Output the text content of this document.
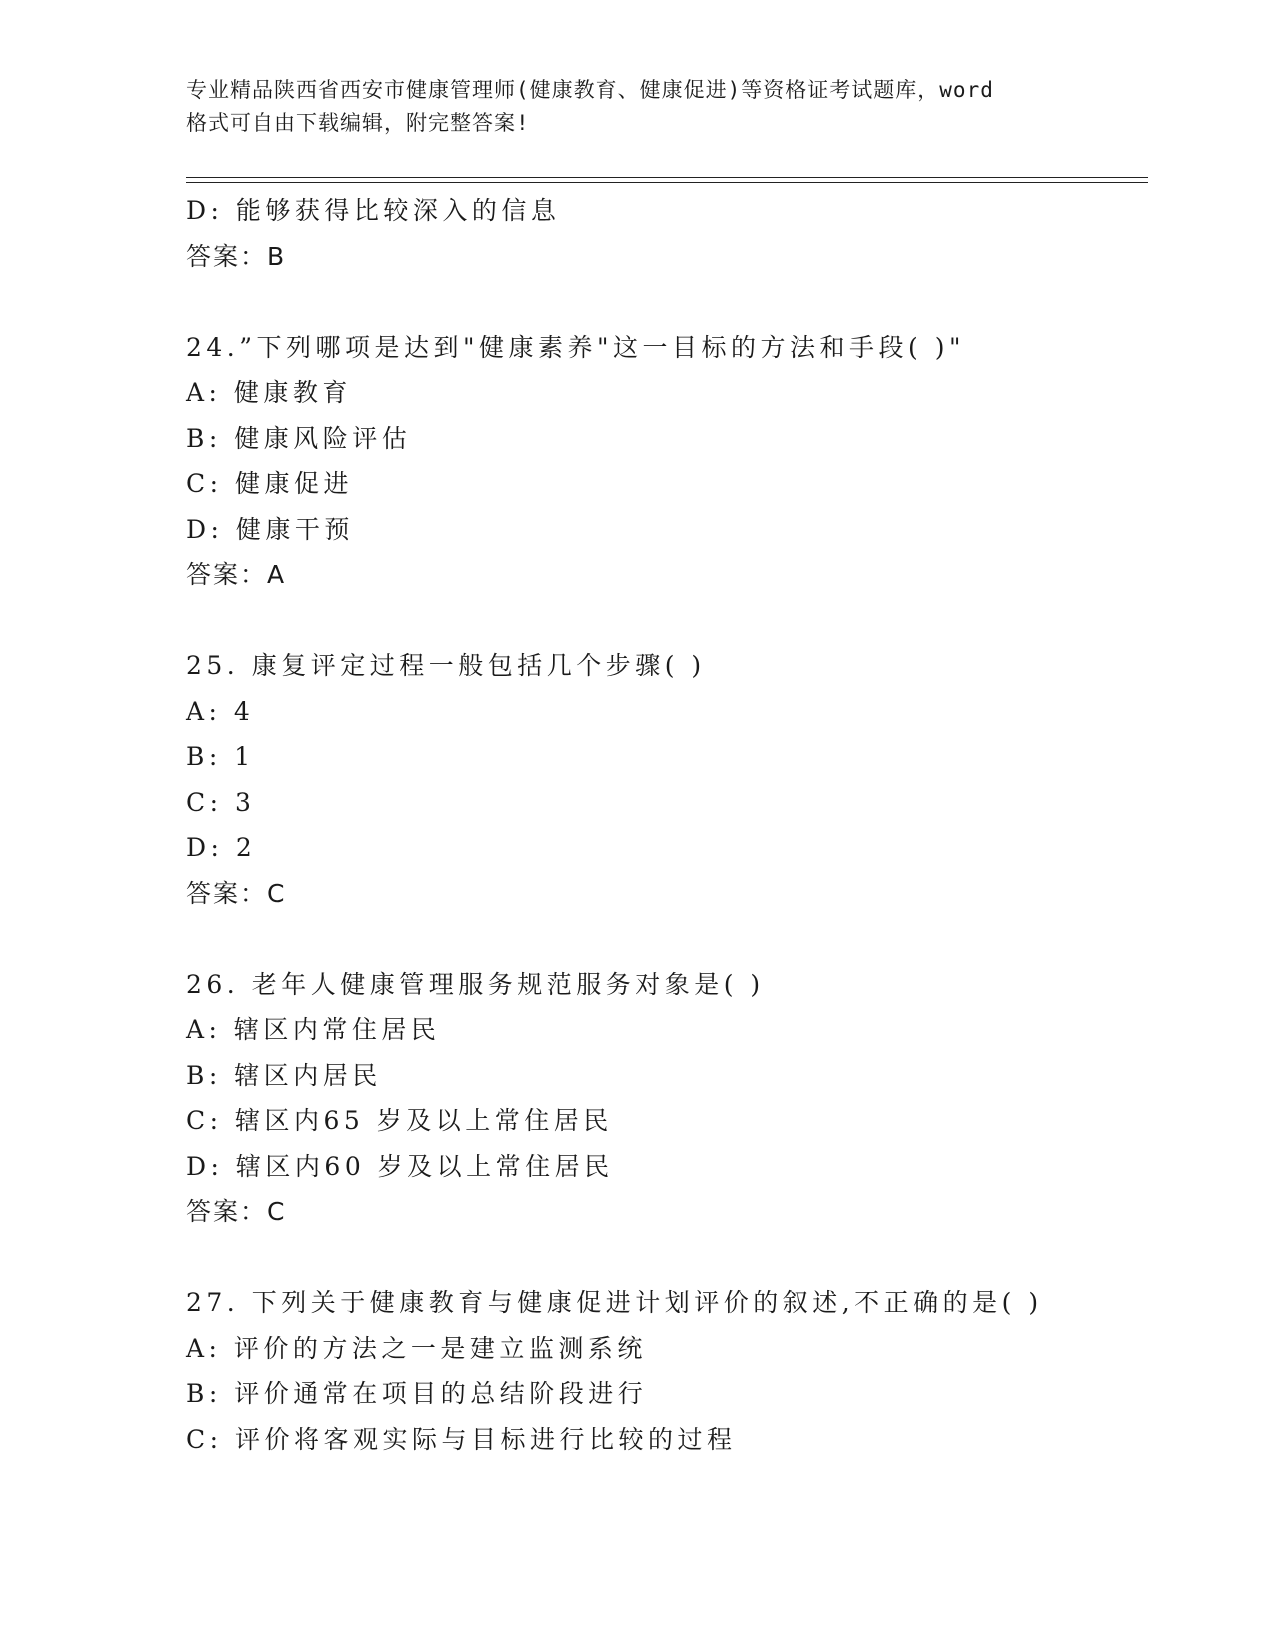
专业精品陕西省西安市健康管理师(健康教育、健康促进)等资格证考试题库，word
格式可自由下载编辑，附完整答案!
D: 能够获得比较深入的信息
答案：B
24.”下列哪项是达到"健康素养"这一目标的方法和手段( )"
A: 健康教育
B: 健康风险评估
C: 健康促进
D: 健康干预
答案：A
25. 康复评定过程一般包括几个步骤( )
A: 4
B: 1
C: 3
D: 2
答案：C
26. 老年人健康管理服务规范服务对象是( )
A: 辖区内常住居民
B: 辖区内居民
C: 辖区内65 岁及以上常住居民
D: 辖区内60 岁及以上常住居民
答案：C
27. 下列关于健康教育与健康促进计划评价的叙述,不正确的是( )
A: 评价的方法之一是建立监测系统
B: 评价通常在项目的总结阶段进行
C: 评价将客观实际与目标进行比较的过程
